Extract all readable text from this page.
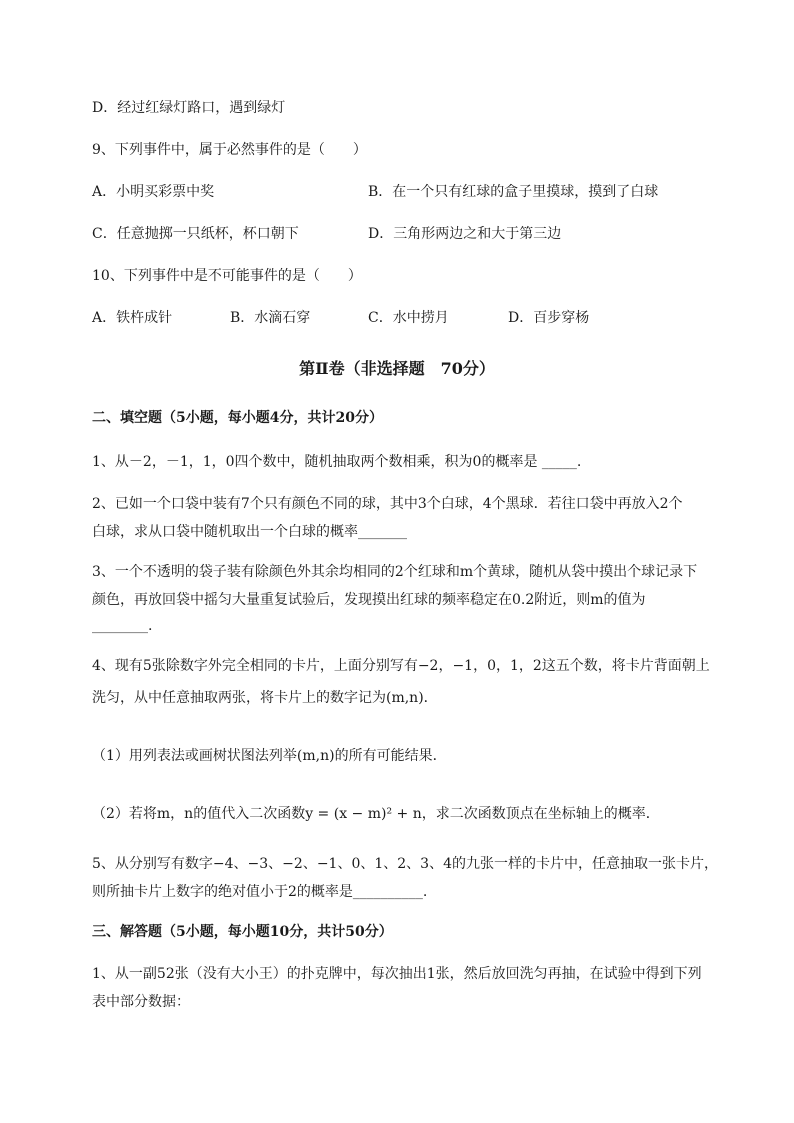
D．经过红绿灯路口，遇到绿灯
9、下列事件中，属于必然事件的是（　　）
A．小明买彩票中奖	B．在一个只有红球的盒子里摸球，摸到了白球
C．任意抛掷一只纸杯，杯口朝下	D．三角形两边之和大于第三边
10、下列事件中是不可能事件的是（　　）
A．铁杵成针	B．水滴石穿	C．水中捞月	D．百步穿杨
第Ⅱ卷（非选择题　70分）
二、填空题（5小题，每小题4分，共计20分）
1、从－2，－1，1，0四个数中，随机抽取两个数相乘，积为0的概率是 _____.
2、已如一个口袋中装有7个只有颜色不同的球，其中3个白球，4个黑球．若往口袋中再放入2个
白球，求从口袋中随机取出一个白球的概率_______
3、一个不透明的袋子装有除颜色外其余均相同的2个红球和m个黄球，随机从袋中摸出个球记录下
颜色，再放回袋中摇匀大量重复试验后，发现摸出红球的频率稳定在0.2附近，则m的值为
________.
4、现有5张除数字外完全相同的卡片，上面分别写有−2，−1，0，1，2这五个数，将卡片背面朝上
洗匀，从中任意抽取两张，将卡片上的数字记为(m,n)．
（1）用列表法或画树状图法列举(m,n)的所有可能结果．
（2）若将m，n的值代入二次函数y = (x − m)² + n，求二次函数顶点在坐标轴上的概率．
5、从分别写有数字−4、−3、−2、−1、0、1、2、3、4的九张一样的卡片中，任意抽取一张卡片，
则所抽卡片上数字的绝对值小于2的概率是__________.
三、解答题（5小题，每小题10分，共计50分）
1、从一副52张（没有大小王）的扑克牌中，每次抽出1张，然后放回洗匀再抽，在试验中得到下列
表中部分数据：
